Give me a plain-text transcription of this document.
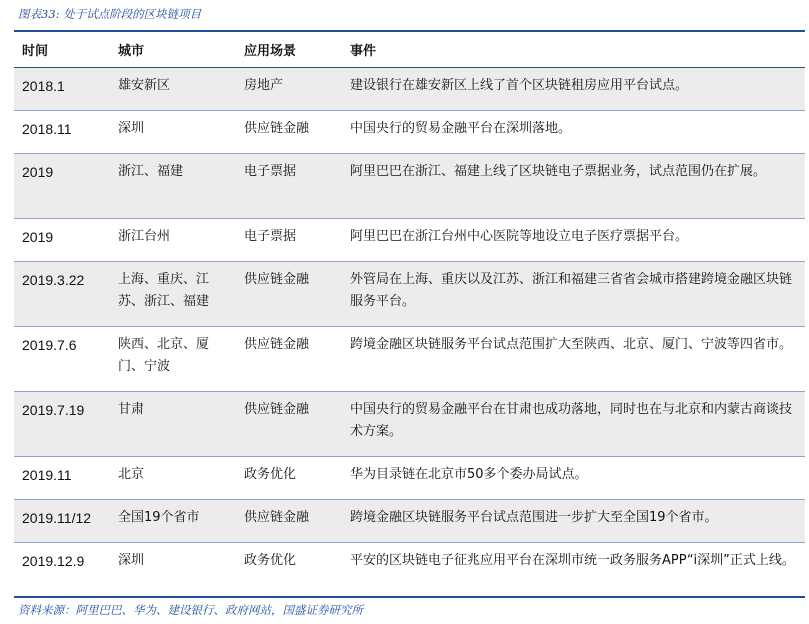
图表33: 处于试点阶段的区块链项目
时间	城市	应用场景	事件
2018.1	雄安新区	房地产	建设银行在雄安新区上线了首个区块链租房应用平台试点。
2018.11	深圳	供应链金融	中国央行的贸易金融平台在深圳落地。
2019	浙江、福建	电子票据	阿里巴巴在浙江、福建上线了区块链电子票据业务，试点范围仍在扩展。
2019	浙江台州	电子票据	阿里巴巴在浙江台州中心医院等地设立电子医疗票据平台。
2019.3.22	上海、重庆、江苏、浙江、福建	供应链金融	外管局在上海、重庆以及江苏、浙江和福建三省省会城市搭建跨境金融区块链服务平台。
2019.7.6	陕西、北京、厦门、宁波	供应链金融	跨境金融区块链服务平台试点范围扩大至陕西、北京、厦门、宁波等四省市。
2019.7.19	甘肃	供应链金融	中国央行的贸易金融平台在甘肃也成功落地，同时也在与北京和内蒙古商谈技术方案。
2019.11	北京	政务优化	华为目录链在北京市50多个委办局试点。
2019.11/12	全国19个省市	供应链金融	跨境金融区块链服务平台试点范围进一步扩大至全国19个省市。
2019.12.9	深圳	政务优化	平安的区块链电子征兆应用平台在深圳市统一政务服务APP“i深圳”正式上线。
资料来源：阿里巴巴、华为、建设银行、政府网站，国盛证券研究所
